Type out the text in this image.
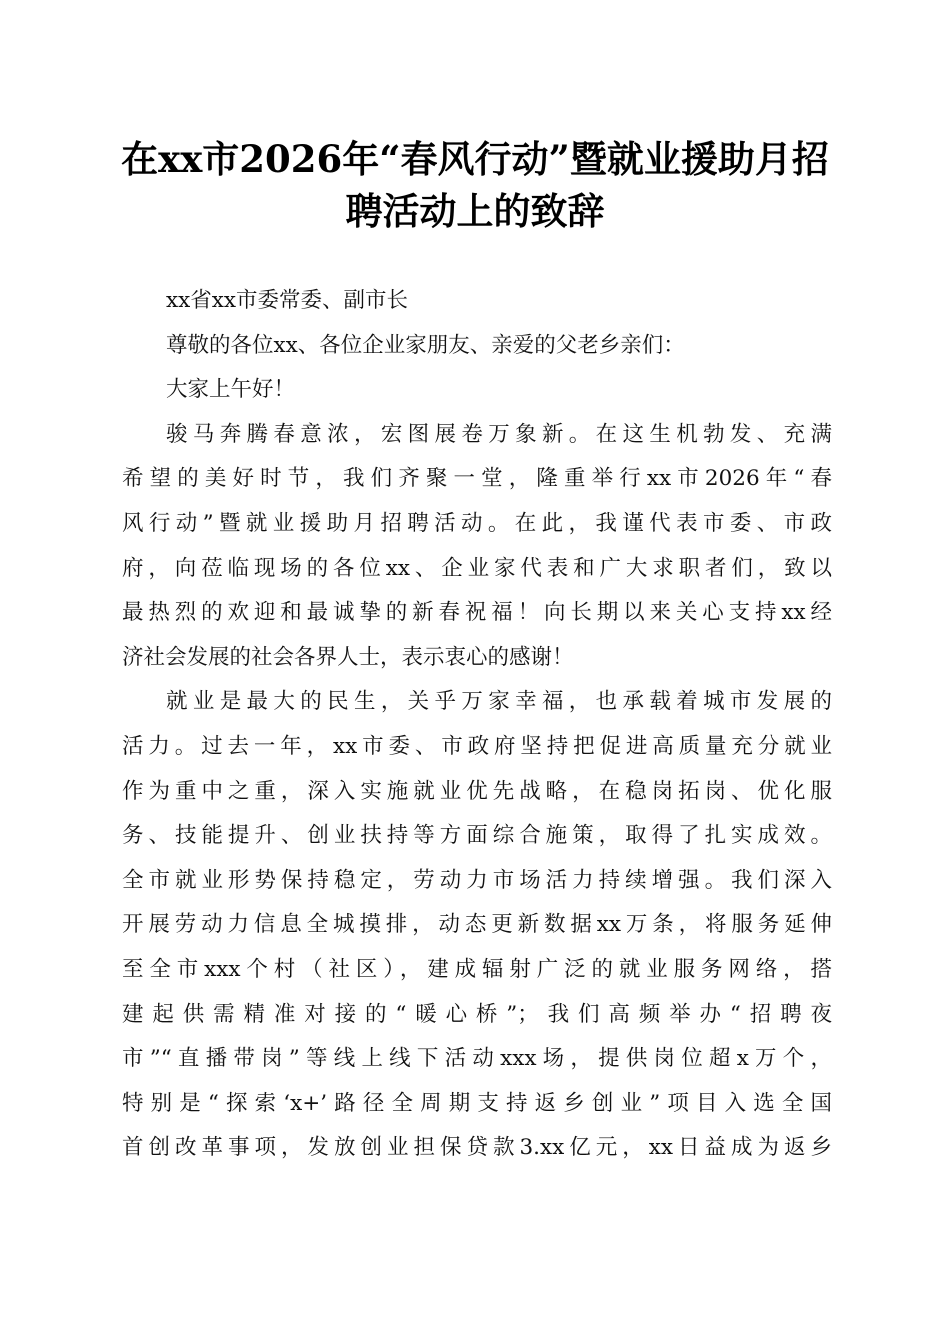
在xx市2026年“春风行动”暨就业援助月招
聘活动上的致辞
xx省xx市委常委、副市长
尊敬的各位xx、各位企业家朋友、亲爱的父老乡亲们：
大家上午好！
骏马奔腾春意浓，宏图展卷万象新。在这生机勃发、充满
希望的美好时节，我们齐聚一堂，隆重举行xx市2026年“春
风行动”暨就业援助月招聘活动。在此，我谨代表市委、市政
府，向莅临现场的各位xx、企业家代表和广大求职者们，致以
最热烈的欢迎和最诚挚的新春祝福！向长期以来关心支持xx经
济社会发展的社会各界人士，表示衷心的感谢！
就业是最大的民生，关乎万家幸福，也承载着城市发展的
活力。过去一年，xx市委、市政府坚持把促进高质量充分就业
作为重中之重，深入实施就业优先战略，在稳岗拓岗、优化服
务、技能提升、创业扶持等方面综合施策，取得了扎实成效。
全市就业形势保持稳定，劳动力市场活力持续增强。我们深入
开展劳动力信息全城摸排，动态更新数据xx万条，将服务延伸
至全市xxx个村（社区），建成辐射广泛的就业服务网络，搭
建起供需精准对接的“暖心桥”；我们高频举办“招聘夜
市”“直播带岗”等线上线下活动xxx场，提供岗位超x万个，
特别是“探索‘x+’路径全周期支持返乡创业”项目入选全国
首创改革事项，发放创业担保贷款3.xx亿元，xx日益成为返乡
